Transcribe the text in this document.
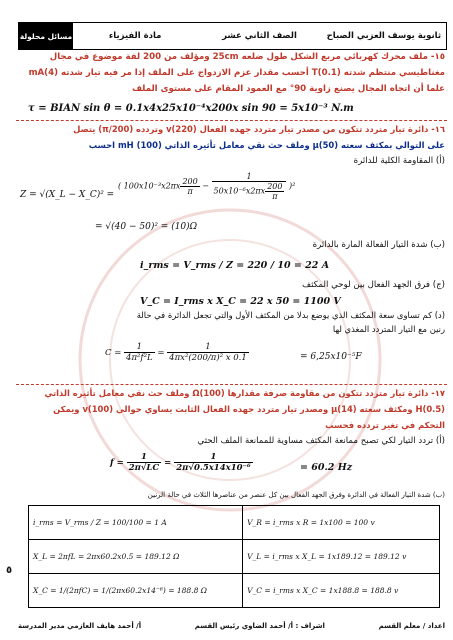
ثانوية يوسف العزبي الصباح
الصف الثاني عشر
مادة الفيزياء
مسائل محلولة
١٥- ملف محرك كهربائي مربع الشكل طول ضلعه 25cm ومؤلف من 200 لفة موضوع في مجال
مغناطيسي منتظم شدته (0.1)T أحسب مقدار عزم الازدواج على الملف إذا مر فيه تيار شدته (4)mA
علما أن اتجاه المجال يصنع زاوية 90° مع العمود المقام على مستوى الملف
τ = BIAN sin θ = 0.1x4x25x10⁻⁴x200x sin 90 = 5x10⁻³ N.m
١٦- دائرة تيار متردد تتكون من مصدر تيار متردد جهده الفعال (220)v وتردده (200/π) يتصل
على التوالي بمكثف سعته µ(50) وملف حث نقي معامل تأثيره الذاتي (100) mH احسب
(أ) المقاومة الكلية للدائرة
Z = √(X_L − X_C)² =
( $100x10^{-3}x2\pi x \frac{200}{\pi} - \frac{1}{50x10^{-6}x2\pi x \frac{200}{\pi}} )^2$
= √(40 − 50)² = (10)Ω
(ب) شدة التيار الفعالة المارة بالدائرة
i_rms = V_rms / Z = 220 / 10 = 22 A
(ج) فرق الجهد الفعال بين لوحي المكثف
V_C = I_rms x X_C = 22 x 50 = 1100 V
(د) كم تساوى سعة المكثف الذي يوضع بدلا من المكثف الأول والتي تجعل الدائرة في حالة
رنين مع التيار المتردد المغذي لها
$C = \frac{1}{\text{4π²f²L}} = \frac{1}{\text{4πx²(200/π)² x 0.1}}$	= 6,25x10⁻⁵F
١٧- دائرة تيار متردد تتكون من مقاومة صرفة مقدارها (100)Ω وملف حث نقي معامل تأثيره الذاتي
(0.5)H ومكثف سعته µ(14) ومصدر تيار متردد جهده الفعال الثابت يساوي حوالي (100)v ويمكن
التحكم في تغير تردده فحسب
(أ) تردد التيار لكي تصبح ممانعة المكثف مساوية للممانعة الملف الحثي
$f = \frac{1}{2\pi√LC} = \frac{1}{\text{2π√0.5x14x10⁻⁶}}$	= 60.2 Hz
(ب) شدة التيار الفعالة في الدائرة وفرق الجهد الفعال بين كل عنصر من عناصرها الثلاث في حالة الرنين
i_rms = V_rms / Z = 100/100 = 1 A	V_R = i_rms x R = 1x100 = 100 v
X_L = 2πfL = 2πx60.2x0.5 = 189.12 Ω	V_L = i_rms x X_L = 1x189.12 = 189.12 v
X_C = 1/(2πfC) = 1/(2πx60.2x14⁻⁶) = 188.8 Ω	V_C = i_rms x X_C = 1x188.8 = 188.8 v
٥
اعداد / معلم القسم
اشراف : أ/ أحمد الضاوي رئيس القسم
أ/ أحمد هايف العازمي مدير المدرسة
